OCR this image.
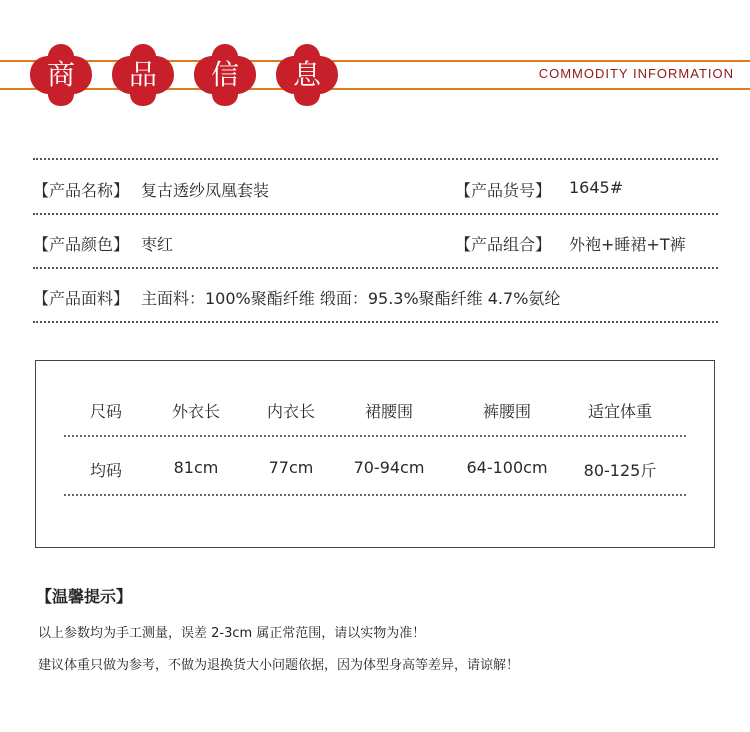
商	品	信	息	COMMODITY INFORMATION
【产品名称】 复古透纱凤凰套装	【产品货号】 1645#
【产品颜色】 枣红	【产品组合】 外袍+睡裙+T裤
【产品面料】 主面料：100%聚酯纤维 缎面：95.3%聚酯纤维 4.7%氨纶
尺码	外衣长	内衣长	裙腰围	裤腰围	适宜体重
均码	81cm	77cm	70-94cm	64-100cm	80-125斤
【温馨提示】
以上参数均为手工测量，误差 2-3cm 属正常范围，请以实物为准！
建议体重只做为参考，不做为退换货大小问题依据，因为体型身高等差异，请谅解！
